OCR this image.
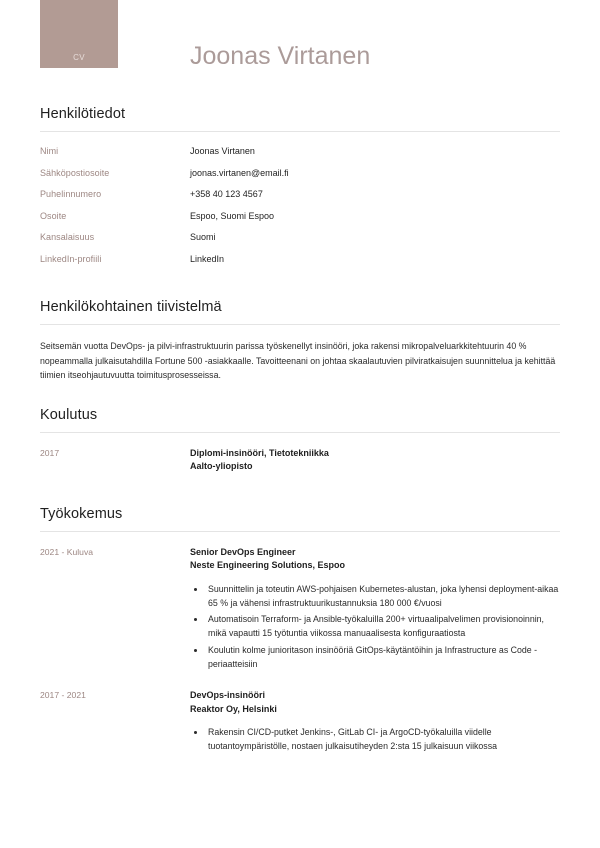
CV	Joonas Virtanen
Henkilötiedot
Nimi	Joonas Virtanen
Sähköpostiosoite	joonas.virtanen@email.fi
Puhelinnumero	+358 40 123 4567
Osoite	Espoo, Suomi Espoo
Kansalaisuus	Suomi
LinkedIn-profiili	LinkedIn
Henkilökohtainen tiivistelmä

Seitsemän vuotta DevOps- ja pilvi-infrastruktuurin parissa työskenellyt insinööri, joka rakensi mikropalveluarkkitehtuurin 40 % nopeammalla julkaisutahdilla Fortune 500 -asiakkaalle. Tavoitteenani on johtaa skaalautuvien pilviratkaisujen suunnittelua ja kehittää tiimien itseohjautuvuutta toimitusprosesseissa.

Koulutus
2017	Diplomi-insinööri, Tietotekniikka
Aalto-yliopisto
Työkokemus
2021 - Kuluva	Senior DevOps Engineer
Neste Engineering Solutions, Espoo
• Suunnittelin ja toteutin AWS-pohjaisen Kubernetes-alustan, joka lyhensi deployment-aikaa 65 % ja vähensi infrastruktuurikustannuksia 180 000 €/vuosi
• Automatisoin Terraform- ja Ansible-työkaluilla 200+ virtuaalipalvelimen provisionoinnin, mikä vapautti 15 työtuntia viikossa manuaalisesta konfiguraatiosta
• Koulutin kolme junioritason insinööriä GitOps-käytäntöihin ja Infrastructure as Code -periaatteisiin
2017 - 2021	DevOps-insinööri
Reaktor Oy, Helsinki
• Rakensin CI/CD-putket Jenkins-, GitLab CI- ja ArgoCD-työkaluilla viidelle tuotantoympäristölle, nostaen julkaisutiheyden 2:sta 15 julkaisuun viikossa
